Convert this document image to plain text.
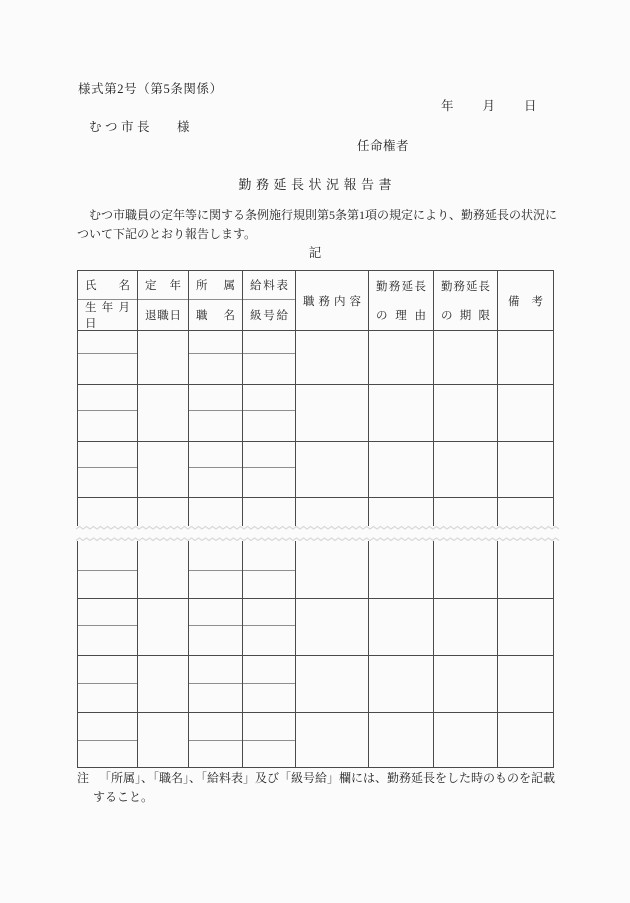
様式第2号（第5条関係）
年 月 日
むつ市長 様
任命権者
勤務延長状況報告書
むつ市職員の定年等に関する条例施行規則第5条第1項の規定により、勤務延長の状況に
ついて下記のとおり報告します。
記
氏名
生年月日
定年
退職日
所属
職名
給料表
級号給
職務内容
勤務延長
の理由
勤務延長
の期限
備考
注 「所属」、「職名」、「給料表」及び「級号給」欄には、勤務延長をした時のものを記載
すること。
